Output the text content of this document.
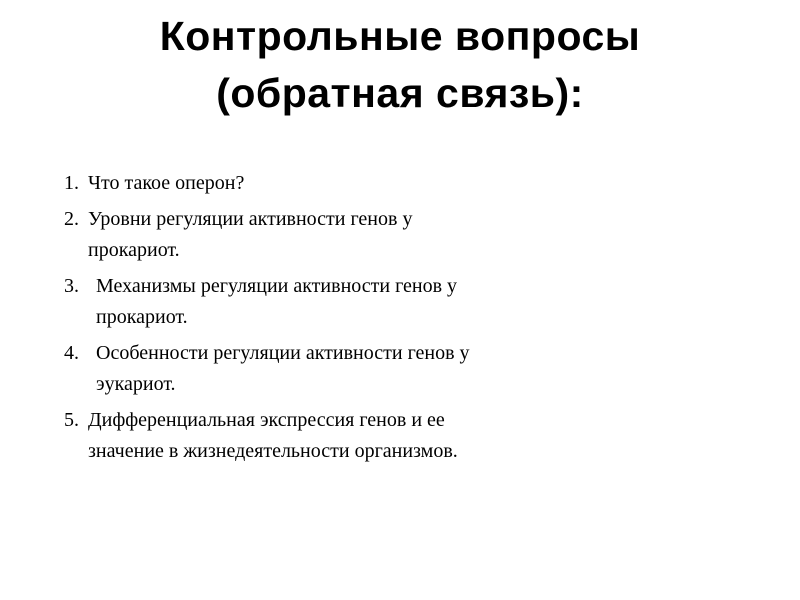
Контрольные вопросы
(обратная связь):
1. Что такое оперон?
2. Уровни регуляции активности генов у
прокариот.
3. Механизмы регуляции активности генов у
прокариот.
4. Особенности регуляции активности генов у
эукариот.
5. Дифференциальная экспрессия генов и ее
значение в жизнедеятельности организмов.
